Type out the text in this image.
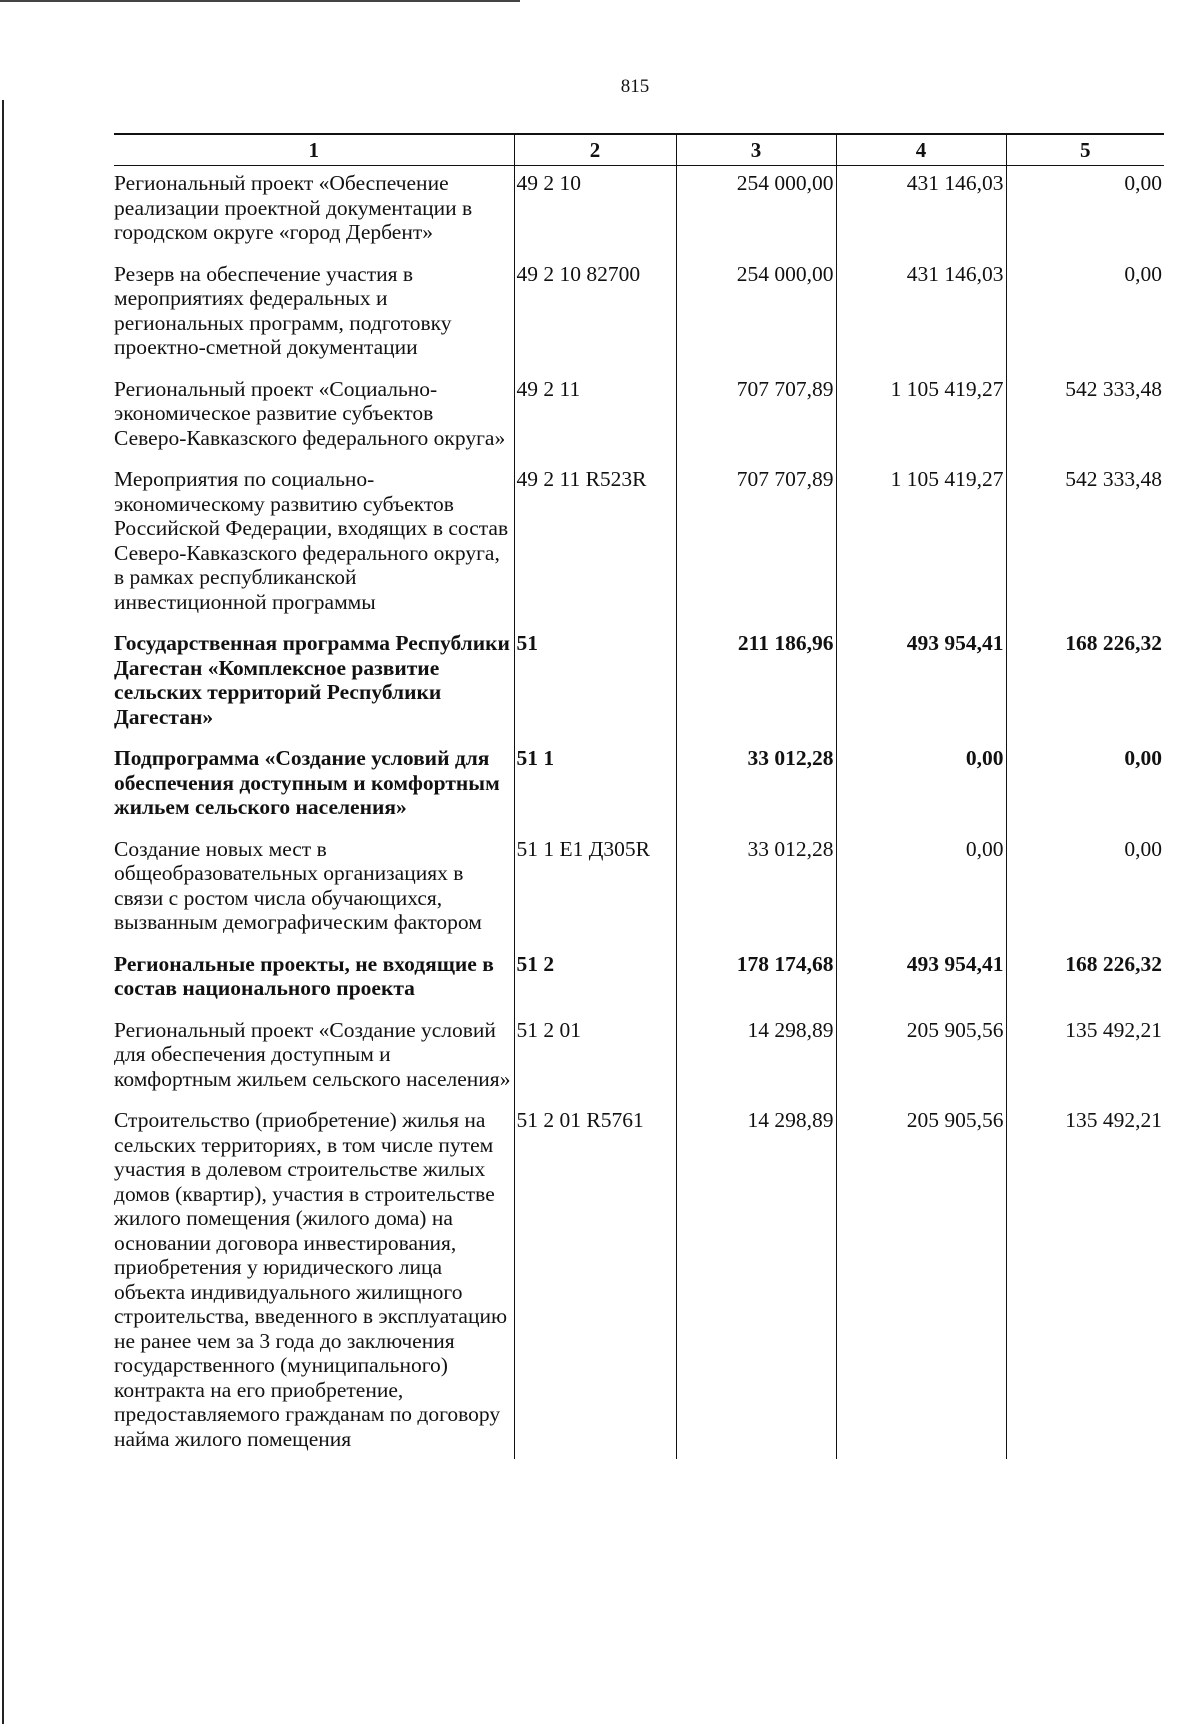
815
1	2	3	4	5
Региональный проект «Обеспечение реализации проектной документации в городском округе «город Дербент»	49 2 10	254 000,00	431 146,03	0,00
Резерв на обеспечение участия в мероприятиях федеральных и региональных программ, подготовку проектно-сметной документации	49 2 10 82700	254 000,00	431 146,03	0,00
Региональный проект «Социально-экономическое развитие субъектов Северо-Кавказского федерального округа»	49 2 11	707 707,89	1 105 419,27	542 333,48
Мероприятия по социально-экономическому развитию субъектов Российской Федерации, входящих в состав Северо-Кавказского федерального округа, в рамках республиканской инвестиционной программы	49 2 11 R523R	707 707,89	1 105 419,27	542 333,48
Государственная программа Республики Дагестан «Комплексное развитие сельских территорий Республики Дагестан»	51	211 186,96	493 954,41	168 226,32
Подпрограмма «Создание условий для обеспечения доступным и комфортным жильем сельского населения»	51 1	33 012,28	0,00	0,00
Создание новых мест в общеобразовательных организациях в связи с ростом числа обучающихся, вызванным демографическим фактором	51 1 E1 Д305R	33 012,28	0,00	0,00
Региональные проекты, не входящие в состав национального проекта	51 2	178 174,68	493 954,41	168 226,32
Региональный проект «Создание условий для обеспечения доступным и комфортным жильем сельского населения»	51 2 01	14 298,89	205 905,56	135 492,21
Строительство (приобретение) жилья на сельских территориях, в том числе путем участия в долевом строительстве жилых домов (квартир), участия в строительстве жилого помещения (жилого дома) на основании договора инвестирования, приобретения у юридического лица объекта индивидуального жилищного строительства, введенного в эксплуатацию не ранее чем за 3 года до заключения государственного (муниципального) контракта на его приобретение, предоставляемого гражданам по договору найма жилого помещения	51 2 01 R5761	14 298,89	205 905,56	135 492,21
